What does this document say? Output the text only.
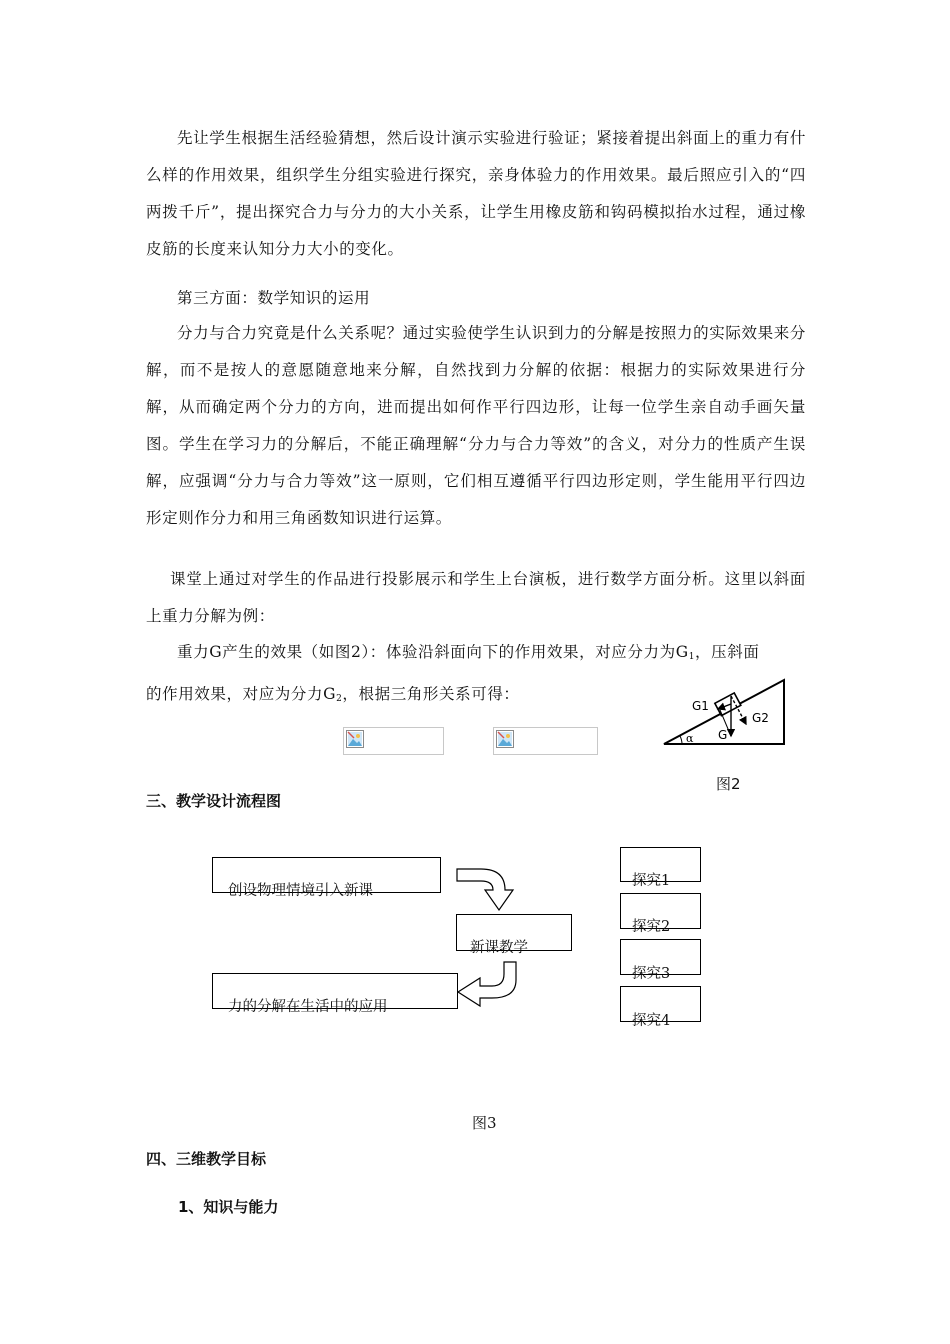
先让学生根据生活经验猜想，然后设计演示实验进行验证；紧接着提出斜面上的重力有什么样的作用效果，组织学生分组实验进行探究，亲身体验力的作用效果。最后照应引入的“四两拨千斤”，提出探究合力与分力的大小关系，让学生用橡皮筋和钩码模拟抬水过程，通过橡皮筋的长度来认知分力大小的变化。

第三方面：数学知识的运用

分力与合力究竟是什么关系呢？通过实验使学生认识到力的分解是按照力的实际效果来分解，而不是按人的意愿随意地来分解，自然找到力分解的依据：根据力的实际效果进行分解，从而确定两个分力的方向，进而提出如何作平行四边形，让每一位学生亲自动手画矢量图。学生在学习力的分解后，不能正确理解“分力与合力等效”的含义，对分力的性质产生误解，应强调“分力与合力等效”这一原则，它们相互遵循平行四边形定则，学生能用平行四边形定则作分力和用三角函数知识进行运算。

课堂上通过对学生的作品进行投影展示和学生上台演板，进行数学方面分析。这里以斜面上重力分解为例：

重力G产生的效果（如图2）：体验沿斜面向下的作用效果，对应分力为$G_1$，压斜面
的作用效果，对应为分力$G_2$，根据三角形关系可得：

G1
G2
G
α

图2

三、教学设计流程图

创设物理情境引入新课
新课教学
力的分解在生活中的应用
探究1
探究2
探究3
探究4

图3

四、三维教学目标

1、知识与能力
